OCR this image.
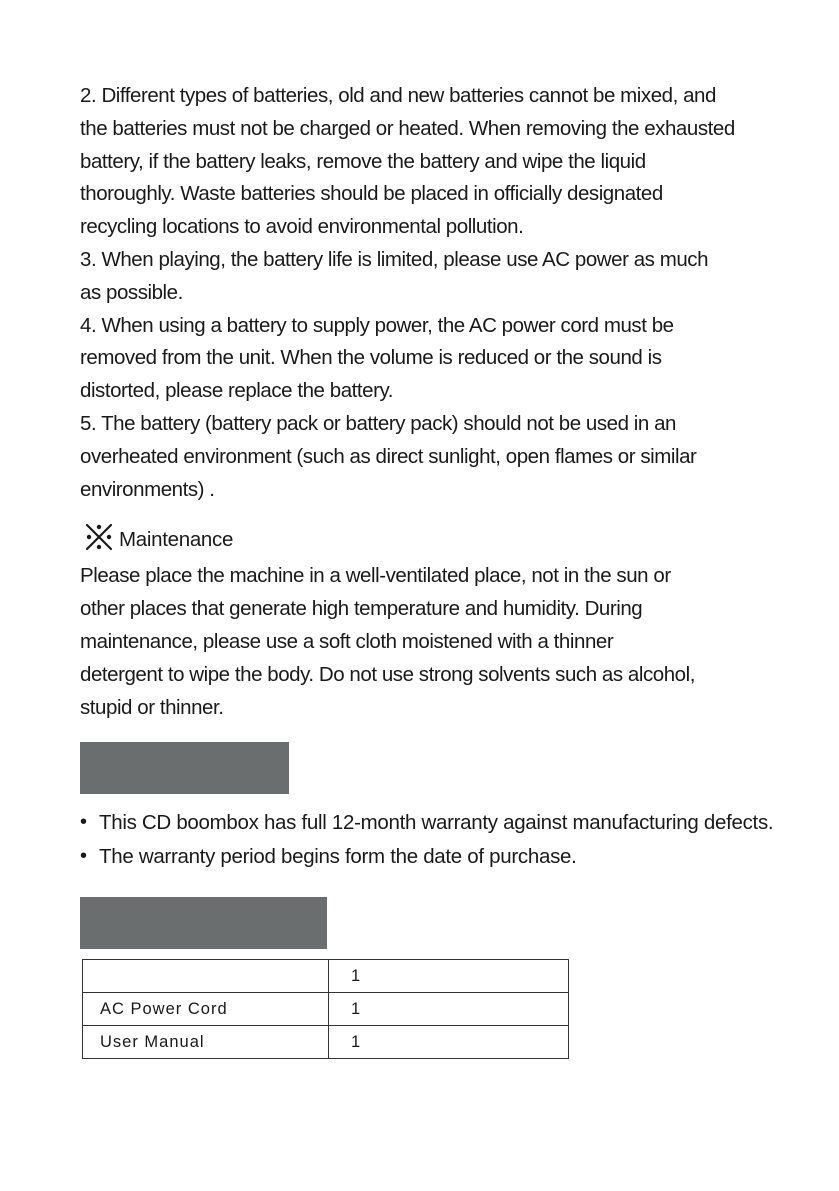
2. Different types of batteries, old and new batteries cannot be mixed, and

the batteries must not be charged or heated. When removing the exhausted

battery, if the battery leaks, remove the battery and wipe the liquid

thoroughly. Waste batteries should be placed in officially designated

recycling locations to avoid environmental pollution.

3. When playing, the battery life is limited, please use AC power as much

as possible.

4. When using a battery to supply power, the AC power cord must be

removed from the unit. When the volume is reduced or the sound is

distorted, please replace the battery.

5. The battery (battery pack or battery pack) should not be used in an

overheated environment (such as direct sunlight, open flames or similar

environments) .

Maintenance

Please place the machine in a well-ventilated place, not in the sun or

other places that generate high temperature and humidity. During

maintenance, please use a soft cloth moistened with a thinner

detergent to wipe the body. Do not use strong solvents such as alcohol,

stupid or thinner.

• This CD boombox has full 12-month warranty against manufacturing defects.
• The warranty period begins form the date of purchase.
	1
AC Power Cord	1
User Manual	1
